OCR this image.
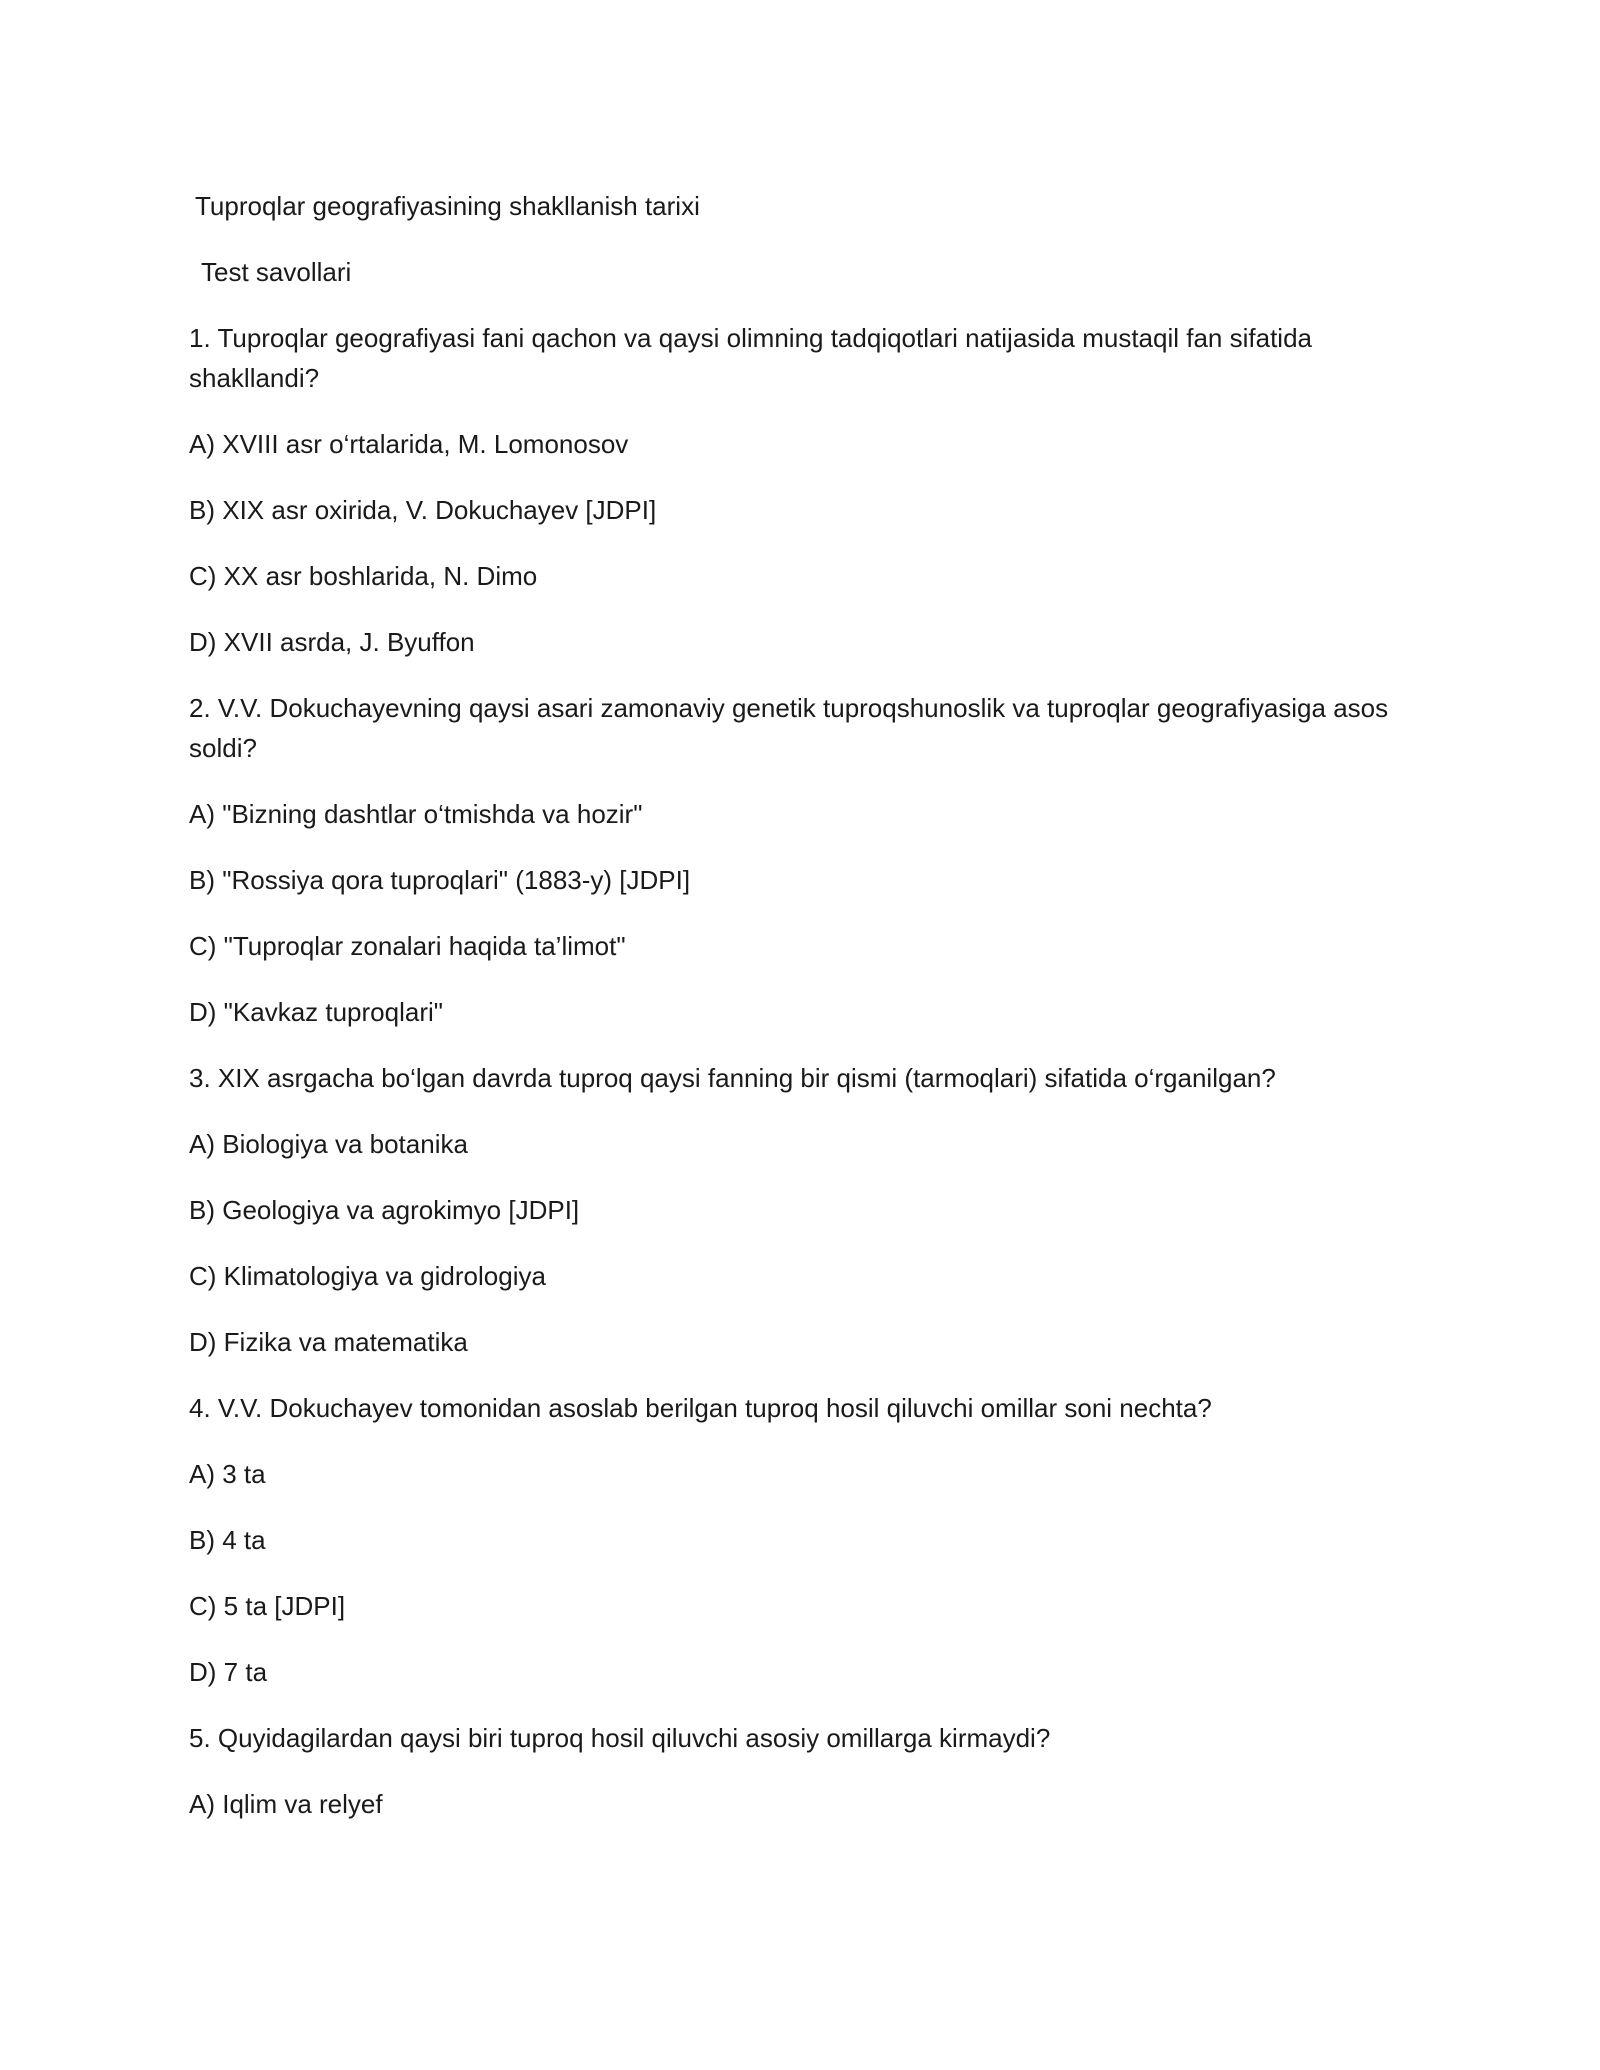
Tuproqlar geografiyasining shakllanish tarixi

Test savollari

1. Tuproqlar geografiyasi fani qachon va qaysi olimning tadqiqotlari natijasida mustaqil fan sifatida shakllandi?

A) XVIII asr o‘rtalarida, M. Lomonosov

B) XIX asr oxirida, V. Dokuchayev [JDPI]

C) XX asr boshlarida, N. Dimo

D) XVII asrda, J. Byuffon

2. V.V. Dokuchayevning qaysi asari zamonaviy genetik tuproqshunoslik va tuproqlar geografiyasiga asos soldi?

A) "Bizning dashtlar o‘tmishda va hozir"

B) "Rossiya qora tuproqlari" (1883-y) [JDPI]

C) "Tuproqlar zonalari haqida ta’limot"

D) "Kavkaz tuproqlari"

3. XIX asrgacha bo‘lgan davrda tuproq qaysi fanning bir qismi (tarmoqlari) sifatida o‘rganilgan?

A) Biologiya va botanika

B) Geologiya va agrokimyo [JDPI]

C) Klimatologiya va gidrologiya

D) Fizika va matematika

4. V.V. Dokuchayev tomonidan asoslab berilgan tuproq hosil qiluvchi omillar soni nechta?

A) 3 ta

B) 4 ta

C) 5 ta [JDPI]

D) 7 ta

5. Quyidagilardan qaysi biri tuproq hosil qiluvchi asosiy omillarga kirmaydi?

A) Iqlim va relyef
